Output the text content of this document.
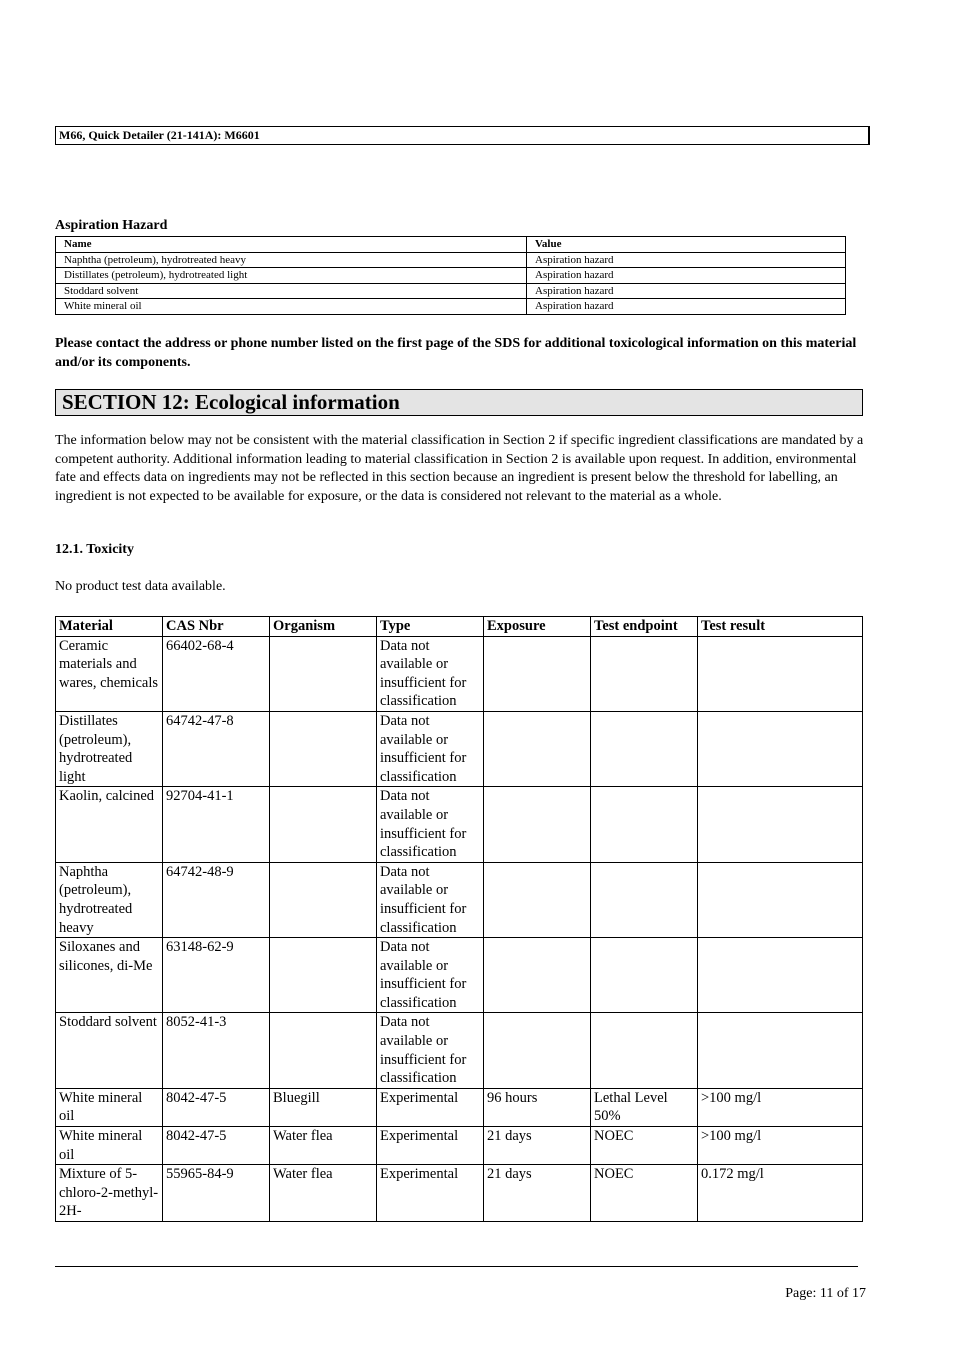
M66, Quick Detailer (21-141A): M6601
Aspiration Hazard
Name	Value
Naphtha (petroleum), hydrotreated heavy	Aspiration hazard
Distillates (petroleum), hydrotreated light	Aspiration hazard
Stoddard solvent	Aspiration hazard
White mineral oil	Aspiration hazard
Please contact the address or phone number listed on the first page of the SDS for additional toxicological information on this material and/or its components.
SECTION 12: Ecological information
The information below may not be consistent with the material classification in Section 2 if specific ingredient classifications are mandated by a competent authority. Additional information leading to material classification in Section 2 is available upon request. In addition, environmental fate and effects data on ingredients may not be reflected in this section because an ingredient is present below the threshold for labelling, an ingredient is not expected to be available for exposure, or the data is considered not relevant to the material as a whole.
12.1. Toxicity
No product test data available.
Material	CAS Nbr	Organism	Type	Exposure	Test endpoint	Test result
Ceramic materials and wares, chemicals	66402-68-4		Data not available or insufficient for classification			
Distillates (petroleum), hydrotreated light	64742-47-8		Data not available or insufficient for classification			
Kaolin, calcined	92704-41-1		Data not available or insufficient for classification			
Naphtha (petroleum), hydrotreated heavy	64742-48-9		Data not available or insufficient for classification			
Siloxanes and silicones, di-Me	63148-62-9		Data not available or insufficient for classification			
Stoddard solvent	8052-41-3		Data not available or insufficient for classification			
White mineral oil	8042-47-5	Bluegill	Experimental	96 hours	Lethal Level 50%	>100 mg/l
White mineral oil	8042-47-5	Water flea	Experimental	21 days	NOEC	>100 mg/l
Mixture of 5-chloro-2-methyl-2H-	55965-84-9	Water flea	Experimental	21 days	NOEC	0.172 mg/l
Page: 11 of 17
